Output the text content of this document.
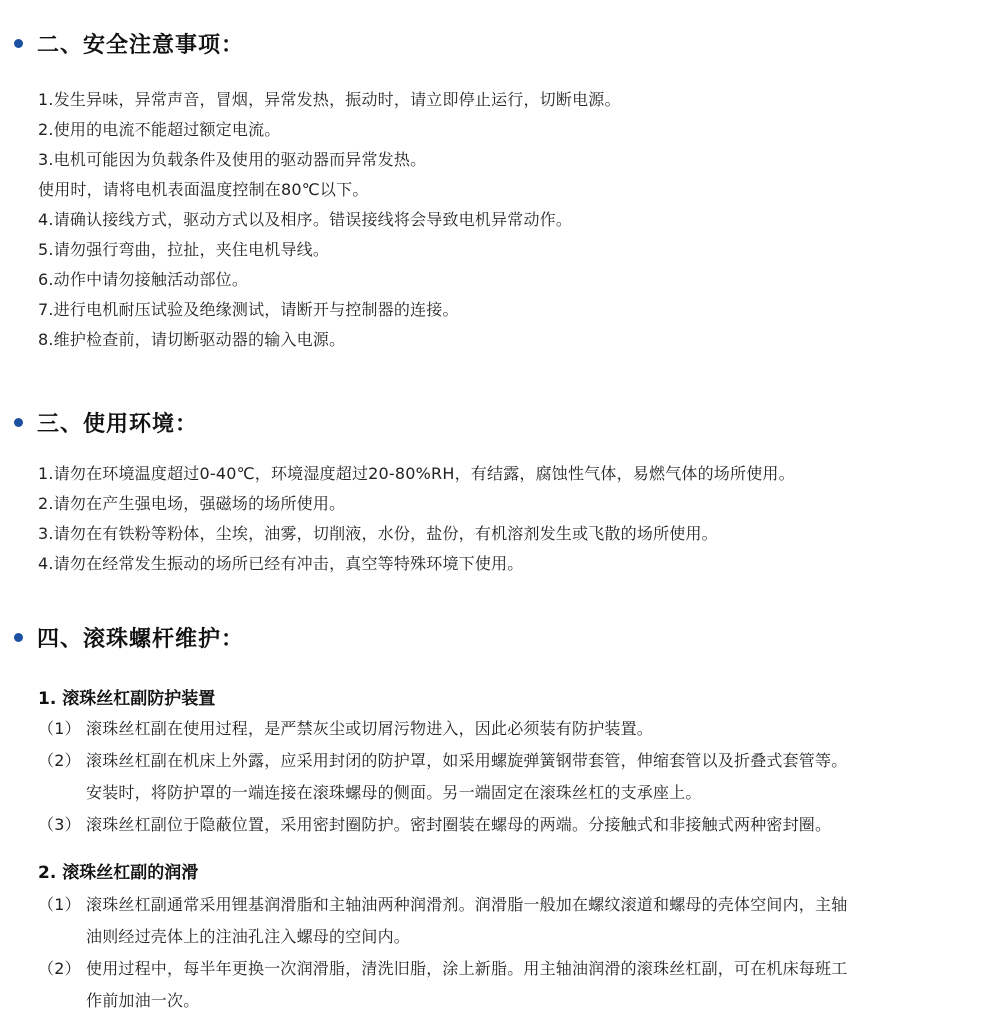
二、安全注意事项：
1.发生异味，异常声音，冒烟，异常发热，振动时，请立即停止运行，切断电源。
2.使用的电流不能超过额定电流。
3.电机可能因为负载条件及使用的驱动器而异常发热。
使用时，请将电机表面温度控制在80℃以下。
4.请确认接线方式，驱动方式以及相序。错误接线将会导致电机异常动作。
5.请勿强行弯曲，拉扯，夹住电机导线。
6.动作中请勿接触活动部位。
7.进行电机耐压试验及绝缘测试，请断开与控制器的连接。
8.维护检查前，请切断驱动器的输入电源。
三、使用环境：
1.请勿在环境温度超过0-40℃，环境湿度超过20-80%RH，有结露，腐蚀性气体，易燃气体的场所使用。
2.请勿在产生强电场，强磁场的场所使用。
3.请勿在有铁粉等粉体，尘埃，油雾，切削液，水份，盐份，有机溶剂发生或飞散的场所使用。
4.请勿在经常发生振动的场所已经有冲击，真空等特殊环境下使用。
四、滚珠螺杆维护：
1. 滚珠丝杠副防护装置
（1） 滚珠丝杠副在使用过程，是严禁灰尘或切屑污物进入，因此必须装有防护装置。
（2） 滚珠丝杠副在机床上外露，应采用封闭的防护罩，如采用螺旋弹簧钢带套管，伸缩套管以及折叠式套管等。
安装时，将防护罩的一端连接在滚珠螺母的侧面。另一端固定在滚珠丝杠的支承座上。
（3） 滚珠丝杠副位于隐蔽位置，采用密封圈防护。密封圈装在螺母的两端。分接触式和非接触式两种密封圈。
2. 滚珠丝杠副的润滑
（1） 滚珠丝杠副通常采用锂基润滑脂和主轴油两种润滑剂。润滑脂一般加在螺纹滚道和螺母的壳体空间内，主轴
油则经过壳体上的注油孔注入螺母的空间内。
（2） 使用过程中，每半年更换一次润滑脂，清洗旧脂，涂上新脂。用主轴油润滑的滚珠丝杠副，可在机床每班工
作前加油一次。
